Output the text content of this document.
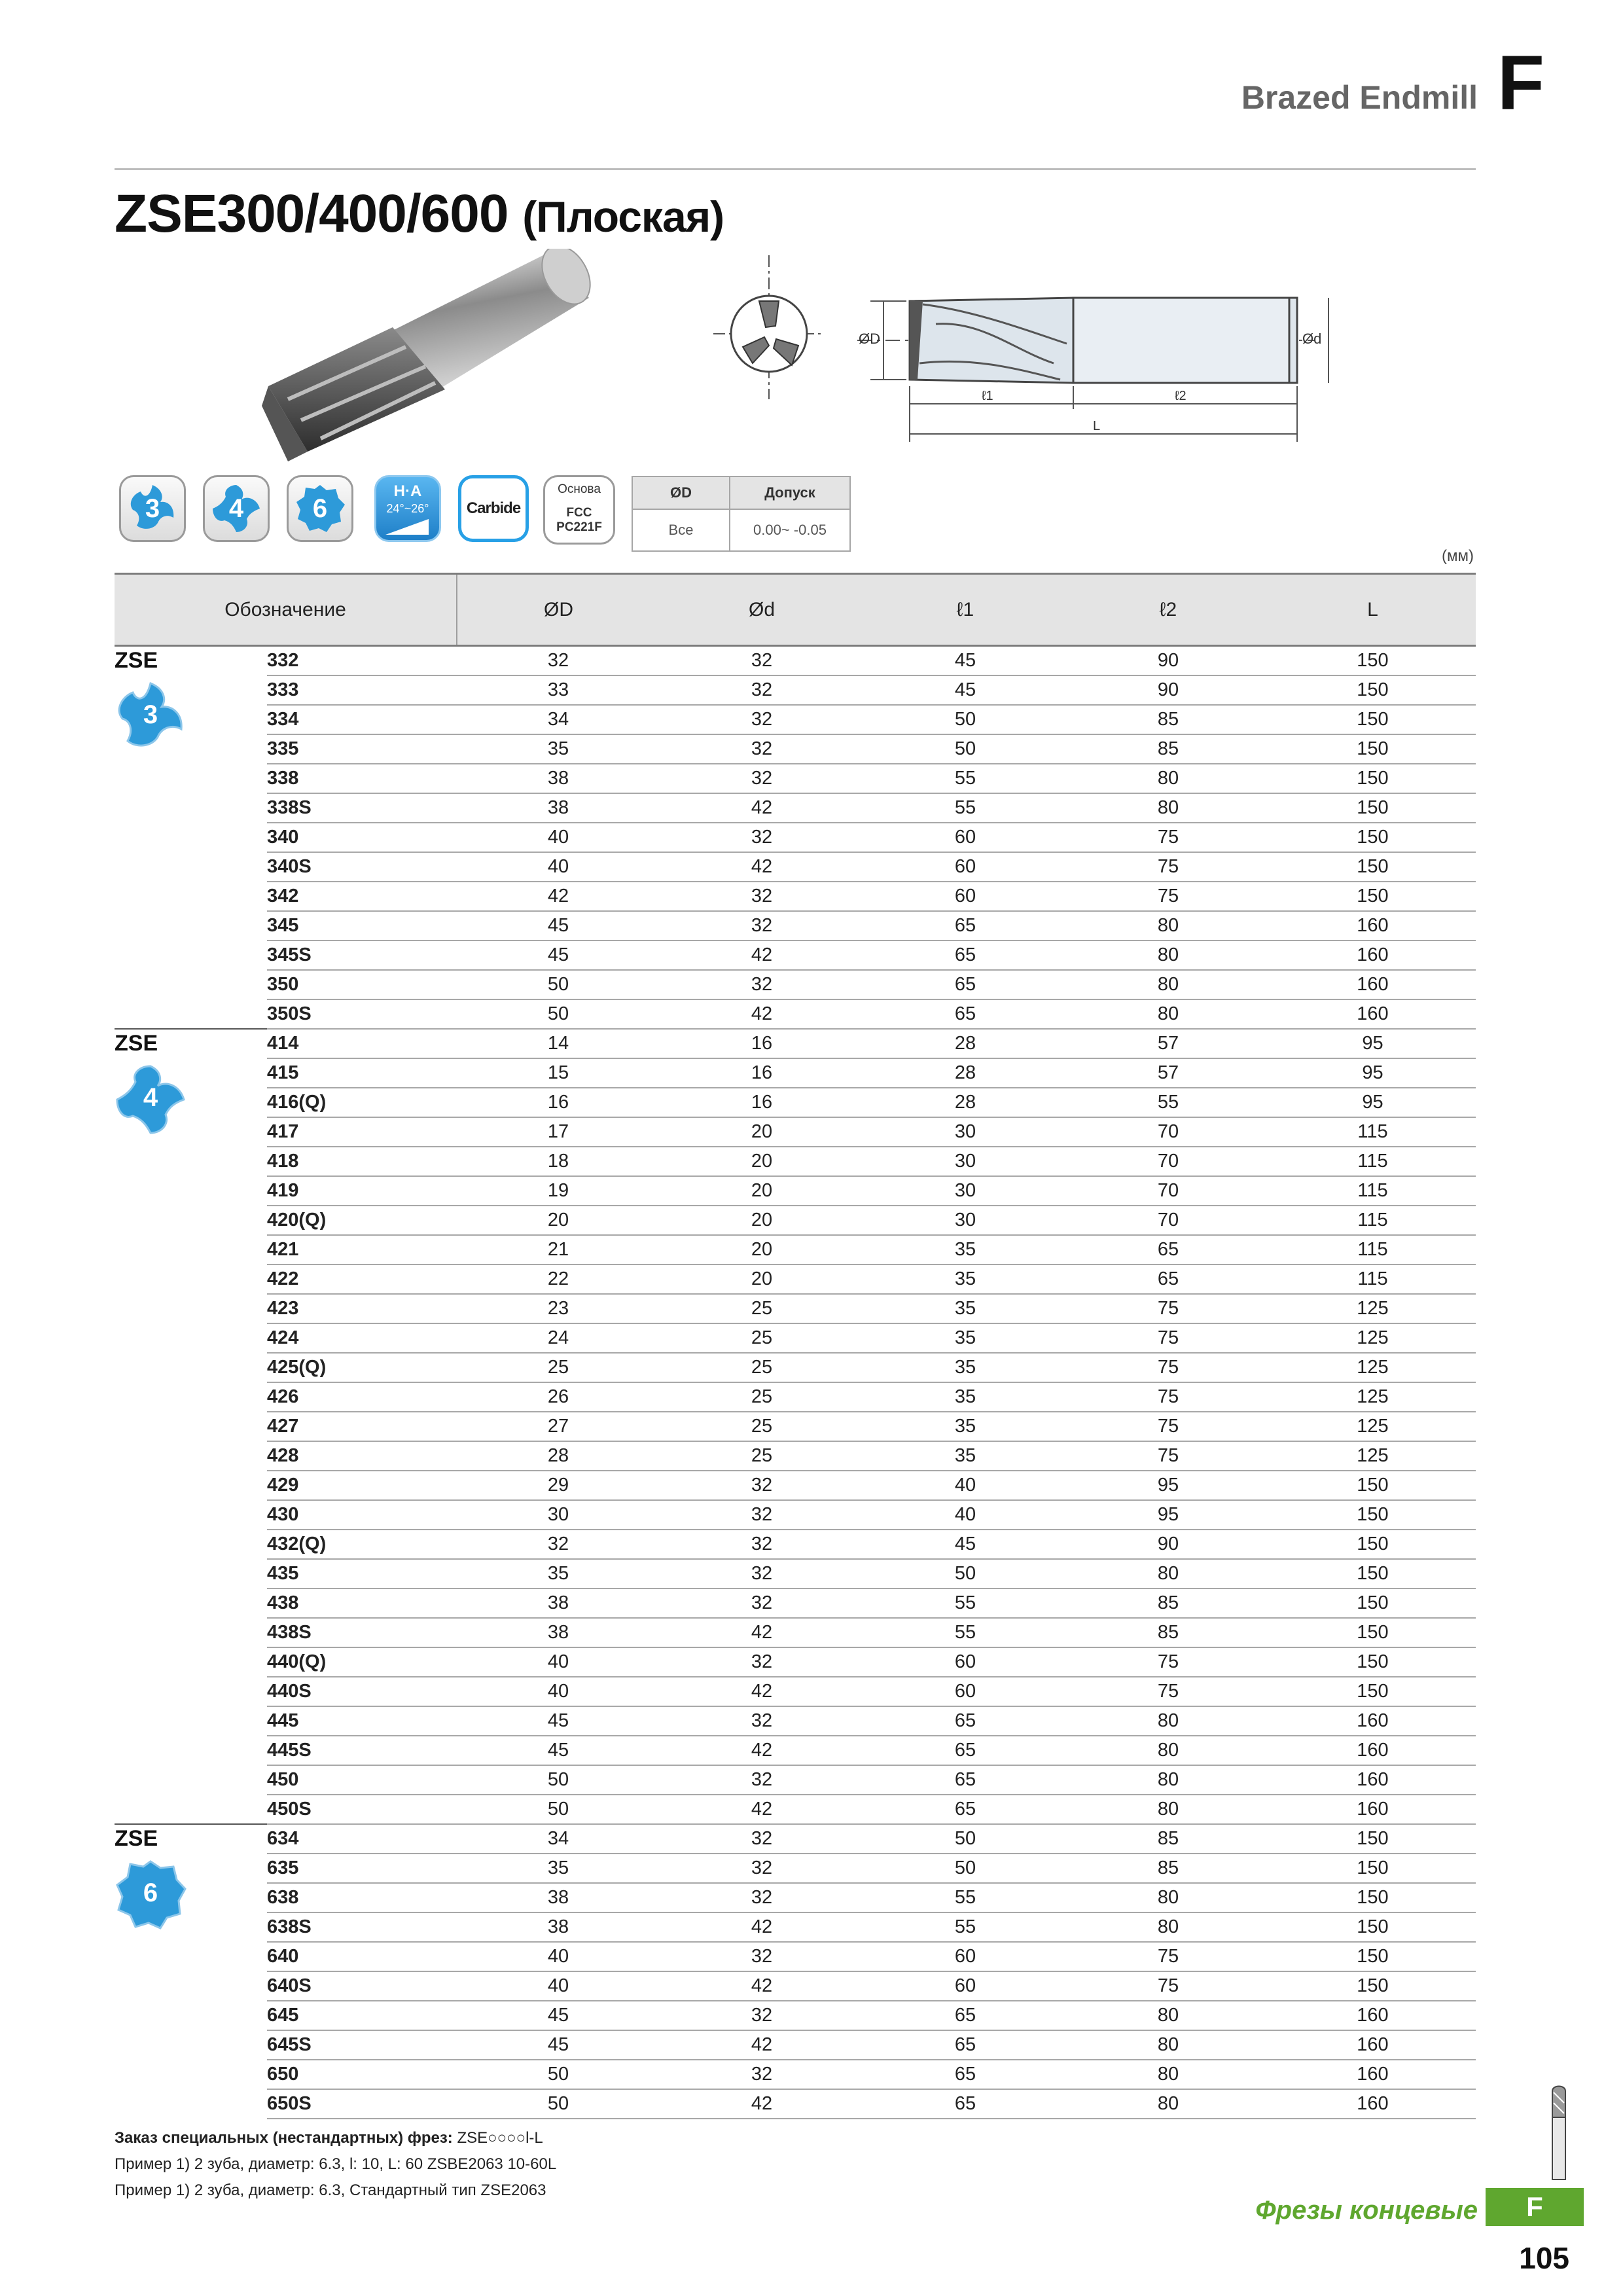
Brazed Endmill F
ZSE300/400/600 (Плоская)
ØD	Ød
ℓ1	ℓ2
L
3	4	6
H·A
24°~26°	Carbide
Основа
FCC
PC221F
ØD	Допуск
Все	0.00~ -0.05
(мм)
Обозначение		ØD	Ød	ℓ1	ℓ2	L

ZSE
3	332	32	32	45	90	150
	333	33	32	45	90	150
	334	34	32	50	85	150
	335	35	32	50	85	150
	338	38	32	55	80	150
	338S	38	42	55	80	150
	340	40	32	60	75	150
	340S	40	42	60	75	150
	342	42	32	60	75	150
	345	45	32	65	80	160
	345S	45	42	65	80	160
	350	50	32	65	80	160
	350S	50	42	65	80	160

ZSE
4	414	14	16	28	57	95
	415	15	16	28	57	95
	416(Q)	16	16	28	55	95
	417	17	20	30	70	115
	418	18	20	30	70	115
	419	19	20	30	70	115
	420(Q)	20	20	30	70	115
	421	21	20	35	65	115
	422	22	20	35	65	115
	423	23	25	35	75	125
	424	24	25	35	75	125
	425(Q)	25	25	35	75	125
	426	26	25	35	75	125
	427	27	25	35	75	125
	428	28	25	35	75	125
	429	29	32	40	95	150
	430	30	32	40	95	150
	432(Q)	32	32	45	90	150
	435	35	32	50	80	150
	438	38	32	55	85	150
	438S	38	42	55	85	150
	440(Q)	40	32	60	75	150
	440S	40	42	60	75	150
	445	45	32	65	80	160
	445S	45	42	65	80	160
	450	50	32	65	80	160
	450S	50	42	65	80	160

ZSE
6	634	34	32	50	85	150
	635	35	32	50	85	150
	638	38	32	55	80	150
	638S	38	42	55	80	150
	640	40	32	60	75	150
	640S	40	42	60	75	150
	645	45	32	65	80	160
	645S	45	42	65	80	160
	650	50	32	65	80	160
	650S	50	42	65	80	160
Заказ специальных (нестандартных) фрез: ZSE○○○○l-L
Пример 1) 2 зуба, диаметр: 6.3, l: 10, L: 60 ZSBE2063 10-60L
Пример 1) 2 зуба, диаметр: 6.3, Стандартный тип ZSE2063
Фрезы концевые	F
105
